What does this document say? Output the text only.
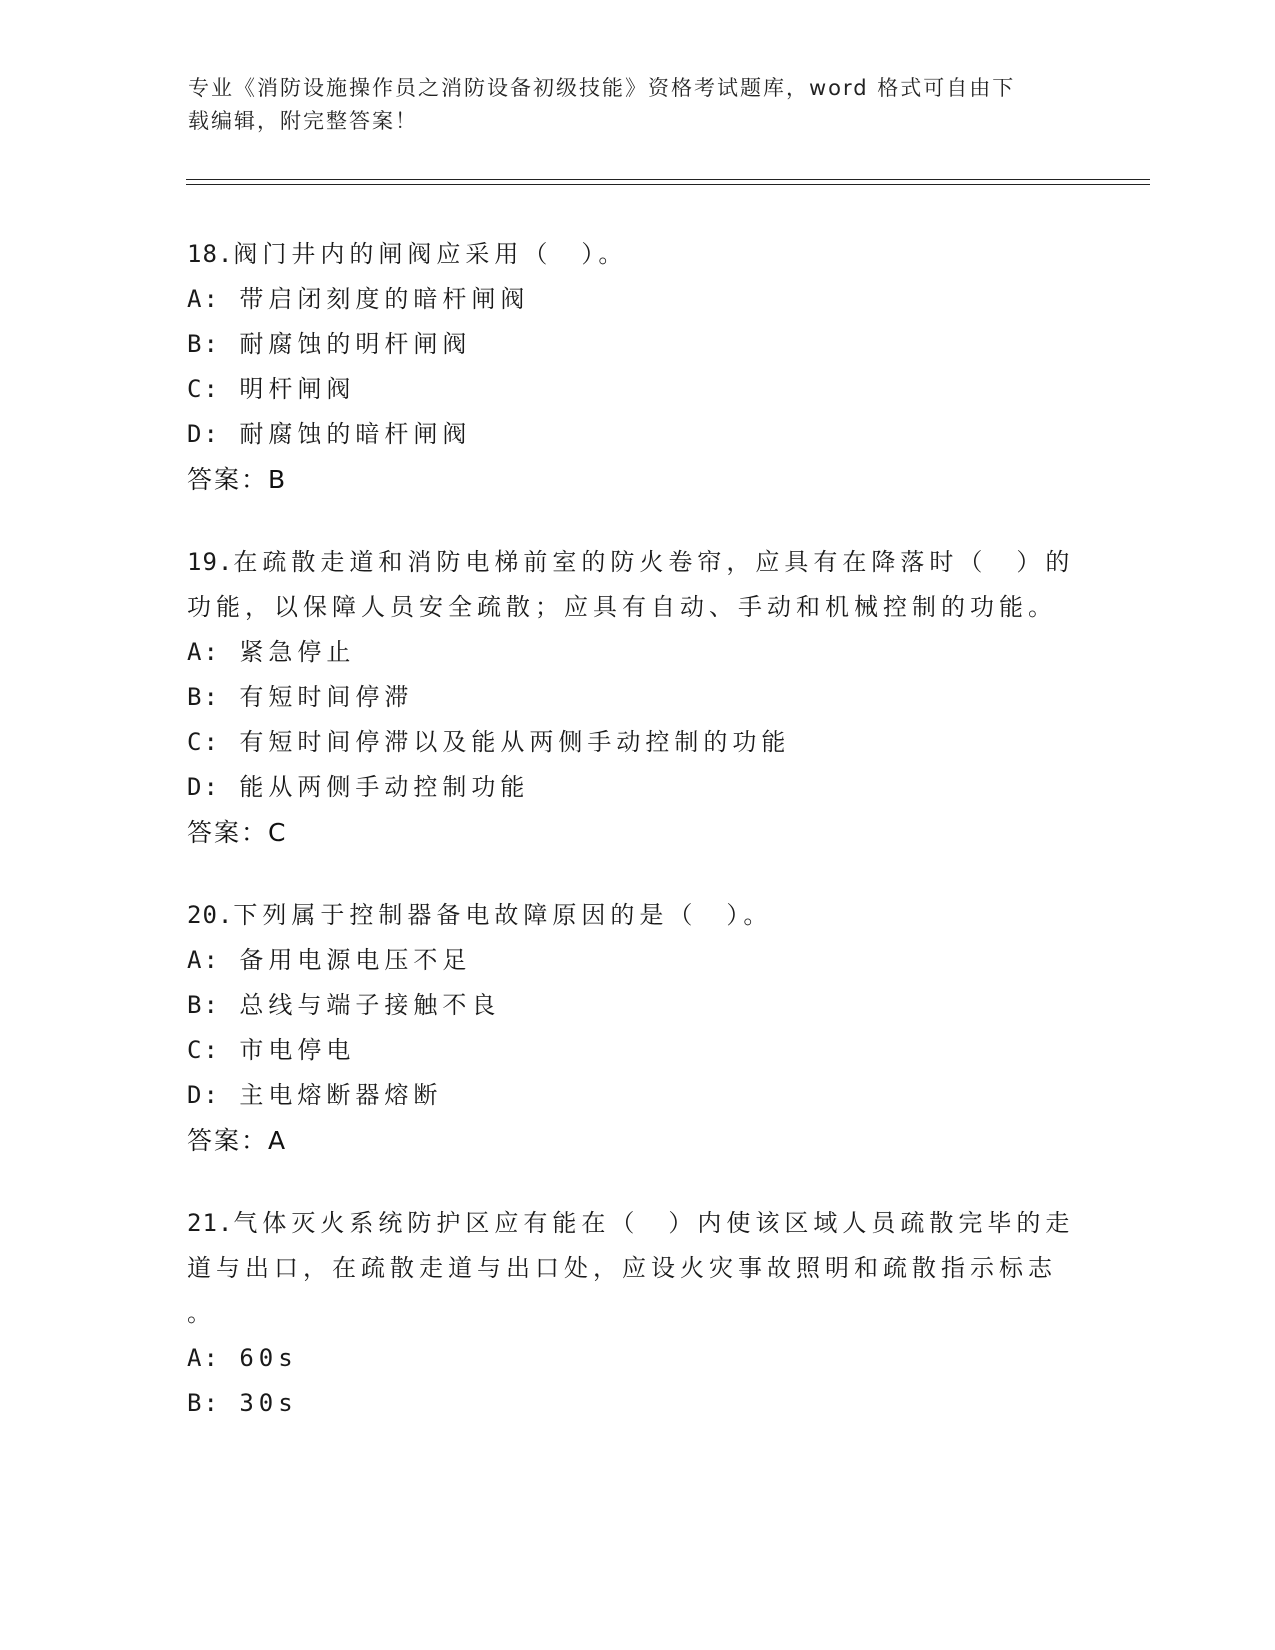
专业《消防设施操作员之消防设备初级技能》资格考试题库，word 格式可自由下
载编辑，附完整答案！
18.阀门井内的闸阀应采用（　）。
A: 带启闭刻度的暗杆闸阀
B: 耐腐蚀的明杆闸阀
C: 明杆闸阀
D: 耐腐蚀的暗杆闸阀
答案：B
19.在疏散走道和消防电梯前室的防火卷帘，应具有在降落时（　）的功能，以保障人员安全疏散；应具有自动、手动和机械控制的功能。
A: 紧急停止
B: 有短时间停滞
C: 有短时间停滞以及能从两侧手动控制的功能
D: 能从两侧手动控制功能
答案：C
20.下列属于控制器备电故障原因的是（　）。
A: 备用电源电压不足
B: 总线与端子接触不良
C: 市电停电
D: 主电熔断器熔断
答案：A
21.气体灭火系统防护区应有能在（　）内使该区域人员疏散完毕的走道与出口，在疏散走道与出口处，应设火灾事故照明和疏散指示标志
。
A: 60s
B: 30s
